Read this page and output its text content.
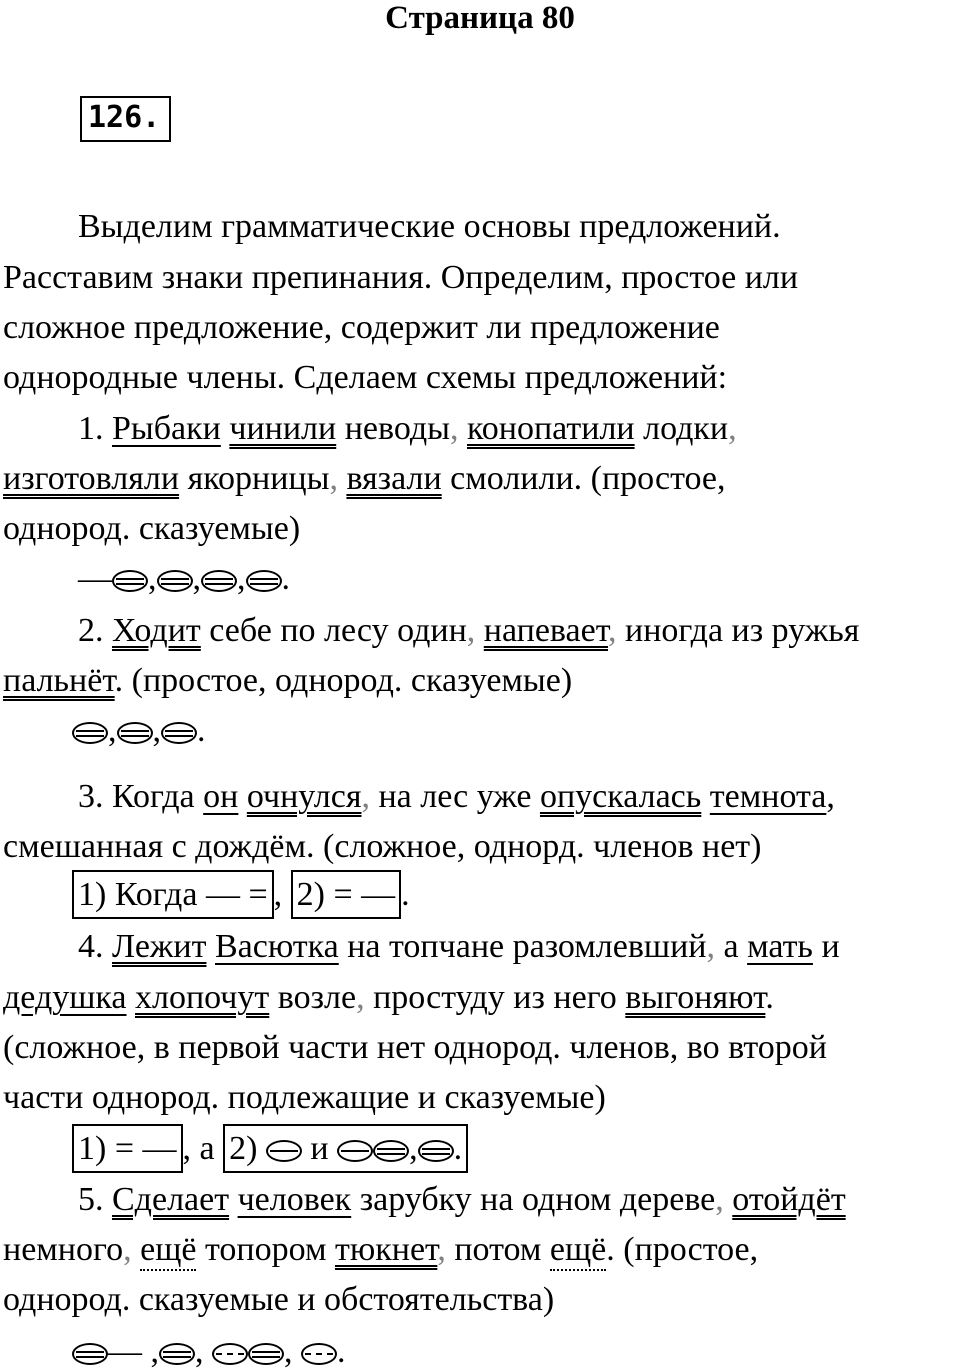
Страница 80
126.
Выделим грамматические основы предложений.
Расставим знаки препинания. Определим, простое или
сложное предложение, содержит ли предложение
однородные члены. Сделаем схемы предложений:
1. Рыбаки чинили неводы, конопатили лодки,
изготовляли якорницы, вязали смолили. (простое,
однород. сказуемые)
— , , , .
2. Ходит себе по лесу один, напевает, иногда из ружья
пальнёт. (простое, однород. сказуемые)
, , .
3. Когда он очнулся, на лес уже опускалась темнота,
смешанная с дождём. (сложное, однорд. членов нет)
1) Когда — = , 2) = — .
4. Лежит Васютка на топчане разомлевший, а мать и
дедушка хлопочут возле, простуду из него выгоняют.
(сложное, в первой части нет однород. членов, во второй
части однород. подлежащие и сказуемые)
1) = — , а 2)  и , .
5. Сделает человек зарубку на одном дереве, отойдёт
немного, ещё топором тюкнет, потом ещё. (простое,
однород. сказуемые и обстоятельства)
— , , , .
